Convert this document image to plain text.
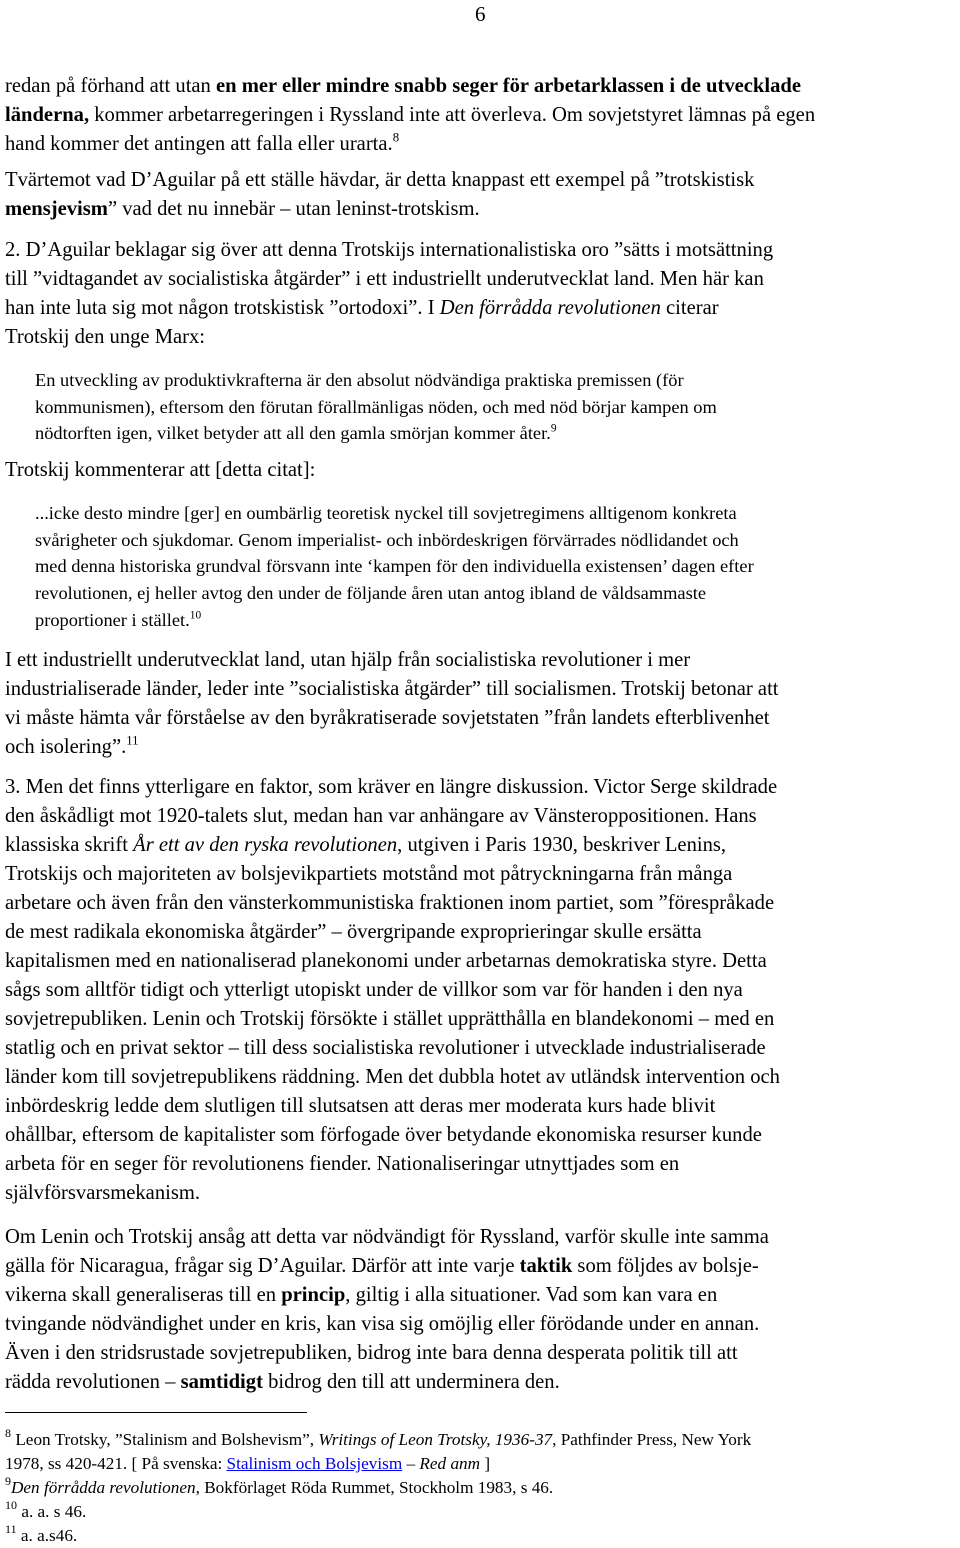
6
redan på förhand att utan en mer eller mindre snabb seger för arbetarklassen i de utvecklade
länderna, kommer arbetarregeringen i Ryssland inte att överleva. Om sovjetstyret lämnas på egen
hand kommer det antingen att falla eller urarta.$^8$
Tvärtemot vad D’Aguilar på ett ställe hävdar, är detta knappast ett exempel på ”trotskistisk
mensjevism” vad det nu innebär – utan leninst-trotskism.
2. D’Aguilar beklagar sig över att denna Trotskijs internationalistiska oro ”sätts i motsättning
till ”vidtagandet av socialistiska åtgärder” i ett industriellt underutvecklat land. Men här kan
han inte luta sig mot någon trotskistisk ”ortodoxi”. I Den förrådda revolutionen citerar
Trotskij den unge Marx:
En utveckling av produktivkrafterna är den absolut nödvändiga praktiska premissen (för
kommunismen), eftersom den förutan förallmänligas nöden, och med nöd börjar kampen om
nödtorften igen, vilket betyder att all den gamla smörjan kommer åter.$^9$
Trotskij kommenterar att [detta citat]:
...icke desto mindre [ger] en oumbärlig teoretisk nyckel till sovjetregimens alltigenom konkreta
svårigheter och sjukdomar. Genom imperialist- och inbördeskrigen förvärrades nödlidandet och
med denna historiska grundval försvann inte ‘kampen för den individuella existensen’ dagen efter
revolutionen, ej heller avtog den under de följande åren utan antog ibland de våldsammaste
proportioner i stället.$^{10}$
I ett industriellt underutvecklat land, utan hjälp från socialistiska revolutioner i mer
industrialiserade länder, leder inte ”socialistiska åtgärder” till socialismen. Trotskij betonar att
vi måste hämta vår förståelse av den byråkratiserade sovjetstaten ”från landets efterblivenhet
och isolering”.$^{11}$
3. Men det finns ytterligare en faktor, som kräver en längre diskussion. Victor Serge skildrade
den åskådligt mot 1920-talets slut, medan han var anhängare av Vänsteroppositionen. Hans
klassiska skrift År ett av den ryska revolutionen, utgiven i Paris 1930, beskriver Lenins,
Trotskijs och majoriteten av bolsjevikpartiets motstånd mot påtryckningarna från många
arbetare och även från den vänsterkommunistiska fraktionen inom partiet, som ”förespråkade
de mest radikala ekonomiska åtgärder” – övergripande exproprieringar skulle ersätta
kapitalismen med en nationaliserad planekonomi under arbetarnas demokratiska styre. Detta
sågs som alltför tidigt och ytterligt utopiskt under de villkor som var för handen i den nya
sovjetrepubliken. Lenin och Trotskij försökte i stället upprätthålla en blandekonomi – med en
statlig och en privat sektor – till dess socialistiska revolutioner i utvecklade industrialiserade
länder kom till sovjetrepublikens räddning. Men det dubbla hotet av utländsk intervention och
inbördeskrig ledde dem slutligen till slutsatsen att deras mer moderata kurs hade blivit
ohållbar, eftersom de kapitalister som förfogade över betydande ekonomiska resurser kunde
arbeta för en seger för revolutionens fiender. Nationaliseringar utnyttjades som en
självförsvarsmekanism.
Om Lenin och Trotskij ansåg att detta var nödvändigt för Ryssland, varför skulle inte samma
gälla för Nicaragua, frågar sig D’Aguilar. Därför att inte varje taktik som följdes av bolsje-
vikerna skall generaliseras till en princip, giltig i alla situationer. Vad som kan vara en
tvingande nödvändighet under en kris, kan visa sig omöjlig eller förödande under en annan.
Även i den stridsrustade sovjetrepubliken, bidrog inte bara denna desperata politik till att
rädda revolutionen – samtidigt bidrog den till att underminera den.
$^8$ Leon Trotsky, ”Stalinism and Bolshevism”, Writings of Leon Trotsky, 1936-37, Pathfinder Press, New York
1978, ss 420-421. [ På svenska: Stalinism och Bolsjevism – Red anm ]
$^9$Den förrådda revolutionen, Bokförlaget Röda Rummet, Stockholm 1983, s 46.
$^{10}$ a. a. s 46.
$^{11}$ a. a.s46.
